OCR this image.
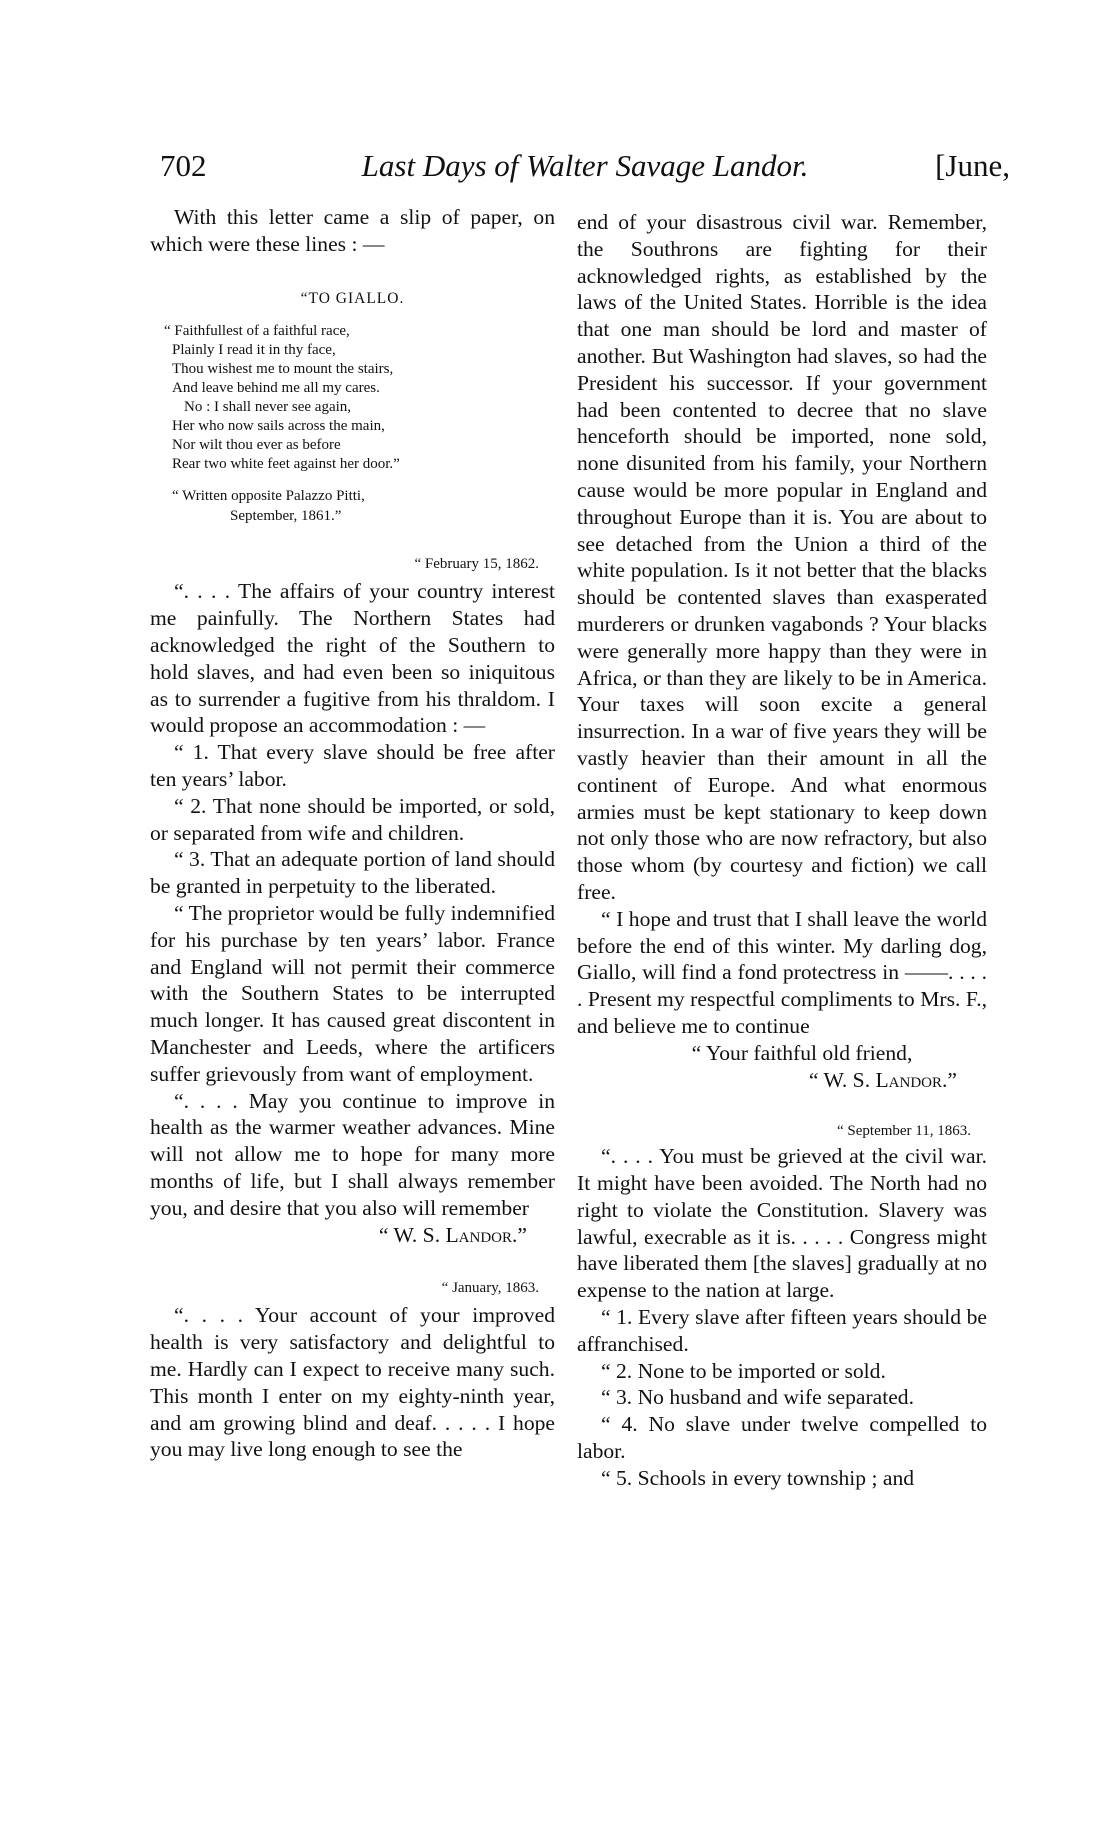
702	Last Days of Walter Savage Landor.	[June,

With this letter came a slip of paper, on which were these lines : —

“TO GIALLO.
“ Faithfullest of a faithful race,
Plainly I read it in thy face,
Thou wishest me to mount the stairs,
And leave behind me all my cares.
No : I shall never see again,
Her who now sails across the main,
Nor wilt thou ever as before
Rear two white feet against her door.”
“ Written opposite Palazzo Pitti,
September, 1861.”
“ February 15, 1862.

“. . . . The affairs of your country interest me painfully. The Northern States had acknowledged the right of the Southern to hold slaves, and had even been so iniquitous as to surrender a fugitive from his thraldom. I would propose an accommodation : —

“ 1. That every slave should be free after ten years’ labor.

“ 2. That none should be imported, or sold, or separated from wife and children.

“ 3. That an adequate portion of land should be granted in perpetuity to the liberated.

“ The proprietor would be fully indemnified for his purchase by ten years’ labor. France and England will not permit their commerce with the Southern States to be interrupted much longer. It has caused great discontent in Manchester and Leeds, where the artificers suffer grievously from want of employment.

“. . . . May you continue to improve in health as the warmer weather advances. Mine will not allow me to hope for many more months of life, but I shall always remember you, and desire that you also will remember

“ W. S. Landor.”
“ January, 1863.

“. . . . Your account of your improved health is very satisfactory and delightful to me. Hardly can I expect to receive many such. This month I enter on my eighty-ninth year, and am growing blind and deaf. . . . . I hope you may live long enough to see the

end of your disastrous civil war. Remember, the Southrons are fighting for their acknowledged rights, as established by the laws of the United States. Horrible is the idea that one man should be lord and master of another. But Washington had slaves, so had the President his successor. If your government had been contented to decree that no slave henceforth should be imported, none sold, none disunited from his family, your Northern cause would be more popular in England and throughout Europe than it is. You are about to see detached from the Union a third of the white population. Is it not better that the blacks should be contented slaves than exasperated murderers or drunken vagabonds ? Your blacks were generally more happy than they were in Africa, or than they are likely to be in America. Your taxes will soon excite a general insurrection. In a war of five years they will be vastly heavier than their amount in all the continent of Europe. And what enormous armies must be kept stationary to keep down not only those who are now refractory, but also those whom (by courtesy and fiction) we call free.

“ I hope and trust that I shall leave the world before the end of this winter. My darling dog, Giallo, will find a fond protectress in ——. . . . . Present my respectful compliments to Mrs. F., and believe me to continue

“ Your faithful old friend,
“ W. S. Landor.”
“ September 11, 1863.

“. . . . You must be grieved at the civil war. It might have been avoided. The North had no right to violate the Constitution. Slavery was lawful, execrable as it is. . . . . Congress might have liberated them [the slaves] gradually at no expense to the nation at large.

“ 1. Every slave after fifteen years should be affranchised.

“ 2. None to be imported or sold.

“ 3. No husband and wife separated.

“ 4. No slave under twelve compelled to labor.

“ 5. Schools in every township ; and
